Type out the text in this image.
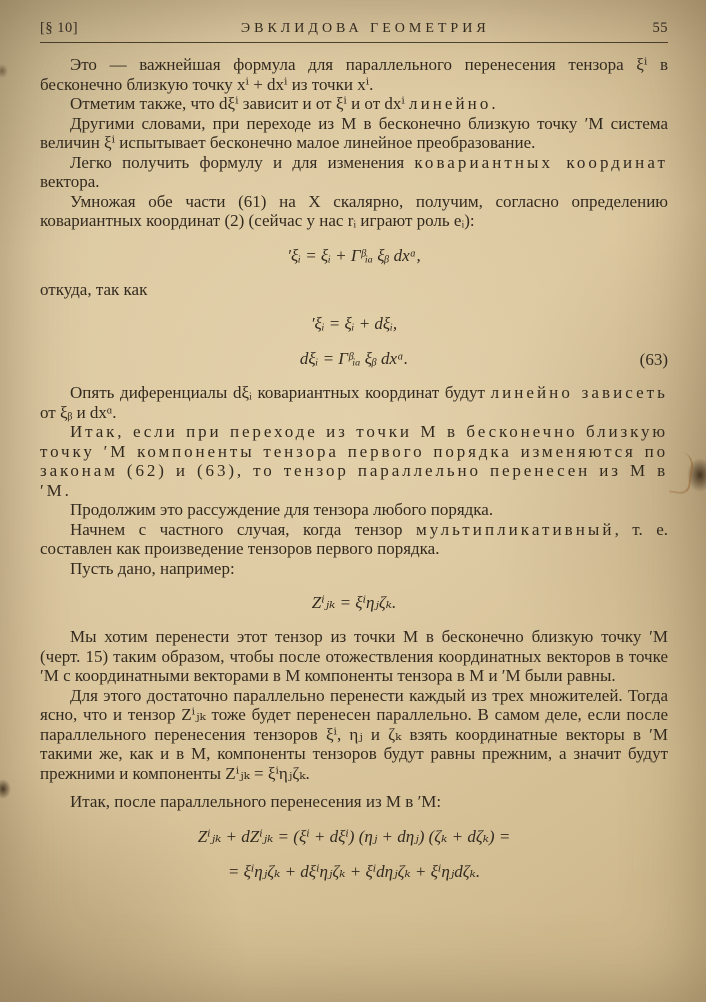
[§ 10]	ЭВКЛИДОВА ГЕОМЕТРИЯ	55

Это — важнейшая формула для параллельного перенесения тензора ξⁱ в бесконечно близкую точку xⁱ + dxⁱ из точки xⁱ.

Отметим также, что dξⁱ зависит и от ξⁱ и от dxⁱ линейно.

Другими словами, при переходе из М в бесконечно близкую точку ′М система величин ξⁱ испытывает бесконечно малое линейное преобразование.

Легко получить формулу и для изменения ковариантных координат вектора.

Умножая обе части (61) на X скалярно, получим, согласно определению ковариантных координат (2) (сейчас у нас rᵢ играют роль eᵢ):

′ξᵢ = ξᵢ + Γᵝᵢₐ ξᵦ dxᵅ,

откуда, так как

′ξᵢ = ξᵢ + dξᵢ,
dξᵢ = Γᵝᵢₐ ξᵦ dxᵅ.	(63)

Опять диференциалы dξᵢ ковариантных координат будут линейно зависеть от ξᵦ и dxᵅ.

Итак, если при переходе из точки М в бесконечно близкую точку ′М компоненты тензора первого порядка изменяются по законам (62) и (63), то тензор параллельно перенесен из М в ′М.

Продолжим это рассуждение для тензора любого порядка.

Начнем с частного случая, когда тензор мультипликативный, т. е. составлен как произведение тензоров первого порядка.

Пусть дано, например:

Zⁱⱼₖ = ξⁱηⱼζₖ.

Мы хотим перенести этот тензор из точки М в бесконечно близкую точку ′М (черт. 15) таким образом, чтобы после отожествления координатных векторов в точке ′М с координатными векторами в М компоненты тензора в М и ′М были равны.

Для этого достаточно параллельно перенести каждый из трех множителей. Тогда ясно, что и тензор Zⁱⱼₖ тоже будет перенесен параллельно. В самом деле, если после параллельного перенесения тензоров ξⁱ, ηⱼ и ζₖ взять координатные векторы в ′М такими же, как и в М, компоненты тензоров будут равны прежним, а значит будут прежними и компоненты Zⁱⱼₖ = ξⁱηⱼζₖ.

Итак, после параллельного перенесения из М в ′М:

Zⁱⱼₖ + dZⁱⱼₖ = (ξⁱ + dξⁱ) (ηⱼ + dηⱼ) (ζₖ + dζₖ) =
= ξⁱηⱼζₖ + dξⁱηⱼζₖ + ξⁱdηⱼζₖ + ξⁱηⱼdζₖ.
